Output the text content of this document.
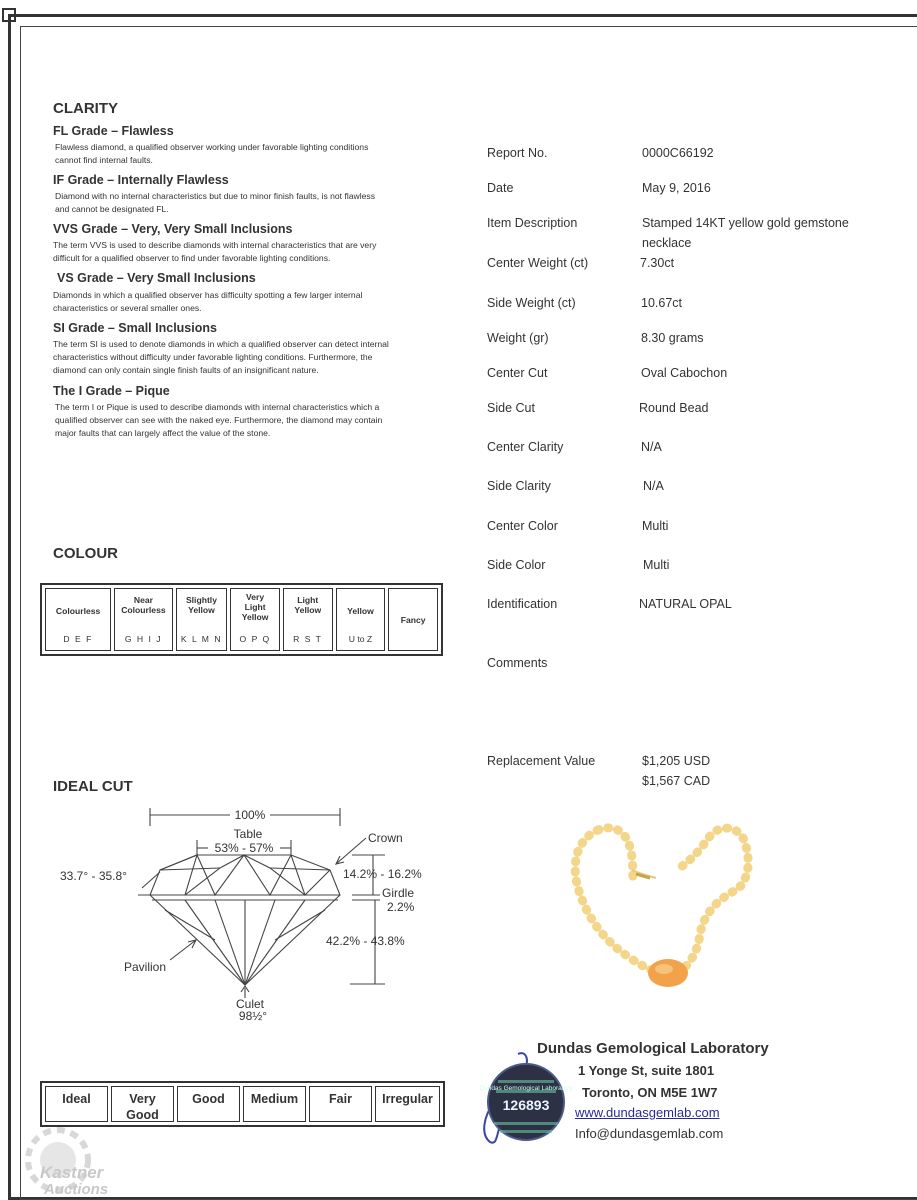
CLARITY
FL Grade – Flawless
Flawless diamond, a qualified observer working under favorable lighting conditions
cannot find internal faults.
IF Grade – Internally Flawless
Diamond with no internal characteristics but due to minor finish faults, is not flawless
and cannot be designated FL.
VVS Grade – Very, Very Small Inclusions
The term VVS is used to describe diamonds with internal characteristics that are very
difficult for a qualified observer to find under favorable lighting conditions.
VS Grade – Very Small Inclusions
Diamonds in which a qualified observer has difficulty spotting a few larger internal
characteristics or several smaller ones.
SI Grade – Small Inclusions
The term SI is used to denote diamonds in which a qualified observer can detect internal
characteristics without difficulty under favorable lighting conditions. Furthermore, the
diamond can only contain single finish faults of an insignificant nature.
The I Grade – Pique
The term I or Pique is used to describe diamonds with internal characteristics which a
qualified observer can see with the naked eye. Furthermore, the diamond may contain
major faults that can largely affect the value of the stone.
COLOUR
Colourless
D E F
Near Colourless
G H I J
Slightly Yellow
K L M N
Very Light Yellow
O P Q
Light Yellow
R S T
Yellow
U to Z
Fancy
IDEAL CUT
100%
Table
53% - 57%
Crown
33.7° - 35.8°	14.2% - 16.2%
Girdle
2.2%
42.2% - 43.8%
Pavilion
Culet
98½°
Ideal	Very Good
Good	Medium	Fair	Irregular
Report No.	0000C66192
Date	May 9, 2016
Item Description	Stamped 14KT yellow gold gemstone necklace
Center Weight (ct)	7.30ct
Side Weight (ct)	10.67ct
Weight (gr)	8.30 grams
Center Cut	Oval Cabochon
Side Cut	Round Bead
Center Clarity	N/A
Side Clarity	N/A
Center Color	Multi
Side Color	Multi
Identification	NATURAL OPAL
Comments
Replacement Value	$1,205 USD
$1,567 CAD
Dundas Gemological Laboratory
126893
Dundas Gemological Laboratory
1 Yonge St, suite 1801
Toronto, ON M5E 1W7
www.dundasgemlab.com
Info@dundasgemlab.com
Kastner
Auctions
